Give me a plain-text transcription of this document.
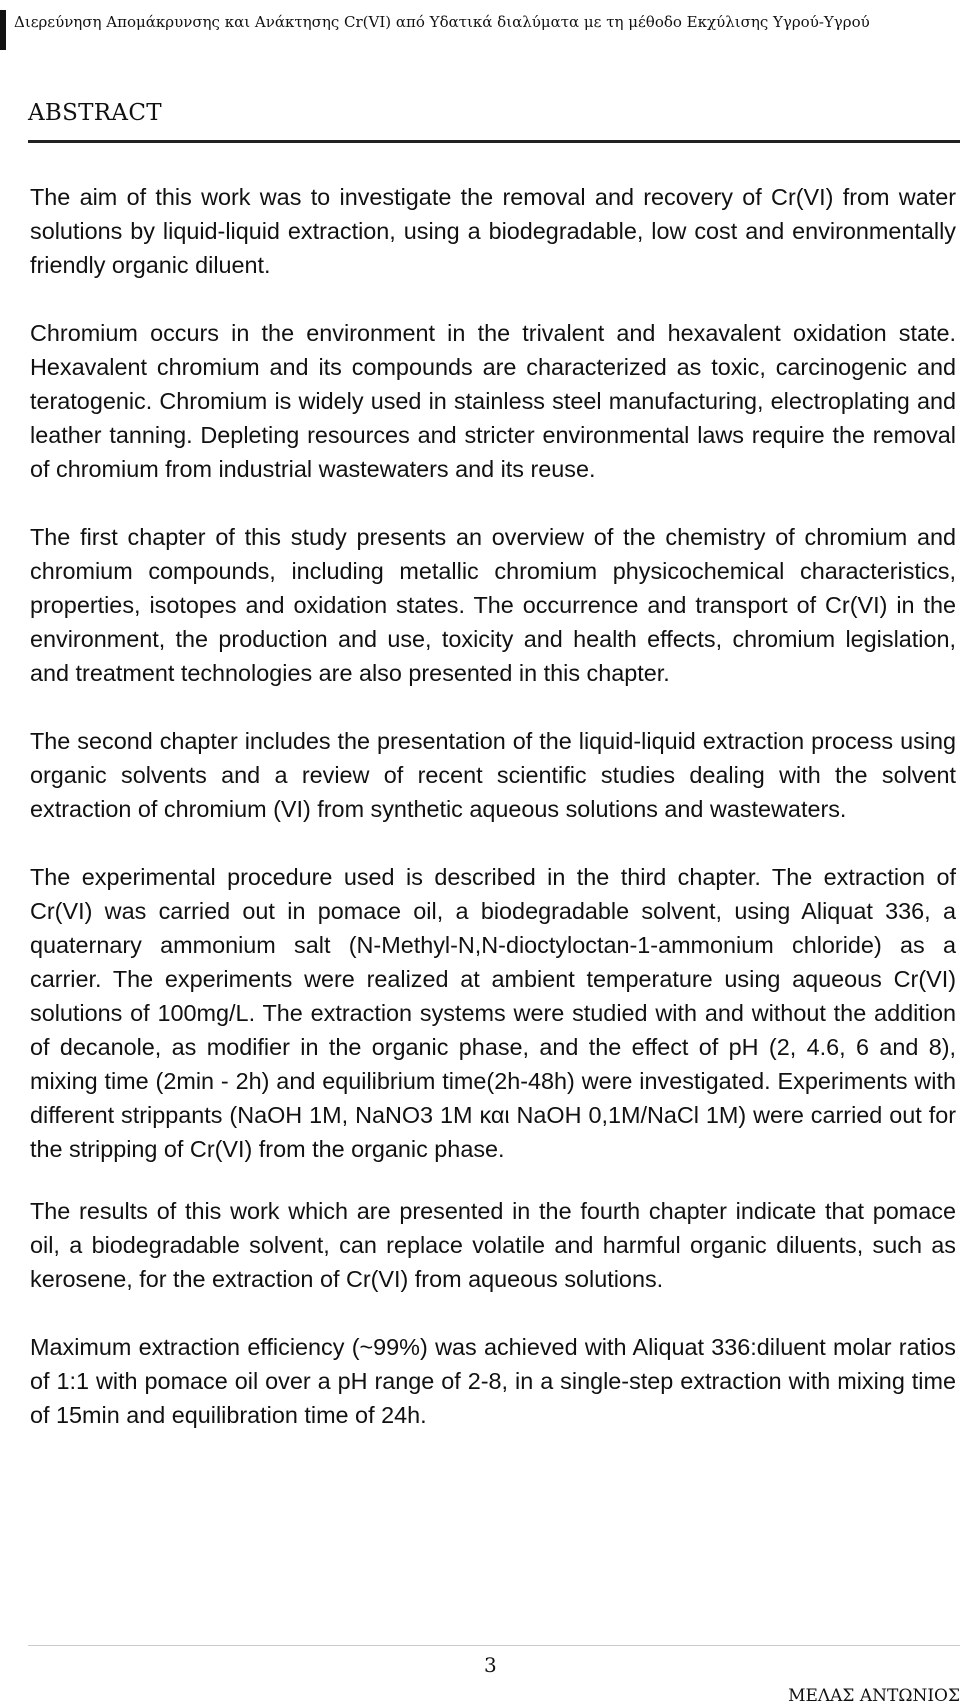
Διερεύνηση Απομάκρυνσης και Ανάκτησης Cr(VI) από Υδατικά διαλύματα με τη μέθοδο Εκχύλισης Υγρού-Υγρού
ABSTRACT

The aim of this work was to investigate the removal and recovery of Cr(VI) from water solutions by liquid-liquid extraction, using a biodegradable, low cost and environmentally friendly organic diluent.

Chromium occurs in the environment in the trivalent and hexavalent oxidation state. Hexavalent chromium and its compounds are characterized as toxic, carcinogenic and teratogenic. Chromium is widely used in stainless steel manufacturing, electroplating and leather tanning. Depleting resources and stricter environmental laws require the removal of chromium from industrial wastewaters and its reuse.

The first chapter of this study presents an overview of the chemistry of chromium and chromium compounds, including metallic chromium physicochemical characteristics, properties, isotopes and oxidation states. The occurrence and transport of Cr(VI) in the environment, the production and use, toxicity and health effects, chromium legislation, and treatment technologies are also presented in this chapter.

The second chapter includes the presentation of the liquid-liquid extraction process using organic solvents and a review of recent scientific studies dealing with the solvent extraction of chromium (VI) from synthetic aqueous solutions and wastewaters.

The experimental procedure used is described in the third chapter. The extraction of Cr(VI) was carried out in pomace oil, a biodegradable solvent, using Aliquat 336, a quaternary ammonium salt (N-Methyl-N,N-dioctyloctan-1-ammonium chloride) as a carrier. The experiments were realized at ambient temperature using aqueous Cr(VI) solutions of 100mg/L. The extraction systems were studied with and without the addition of decanole, as modifier in the organic phase, and the effect of pH (2, 4.6, 6 and 8), mixing time (2min - 2h) and equilibrium time(2h-48h) were investigated. Experiments with different strippants (NaOH 1M, NaNO3 1M και NaOH 0,1M/NaCl 1M) were carried out for the stripping of Cr(VI) from the organic phase.

The results of this work which are presented in the fourth chapter indicate that pomace oil, a biodegradable solvent, can replace volatile and harmful organic diluents, such as kerosene, for the extraction of Cr(VI) from aqueous solutions.

Maximum extraction efficiency (~99%) was achieved with Aliquat 336:diluent molar ratios of 1:1 with pomace oil over a pH range of 2-8, in a single-step extraction with mixing time of 15min and equilibration time of 24h.

3
ΜΕΛΑΣ ΑΝΤΩΝΙΟΣ
